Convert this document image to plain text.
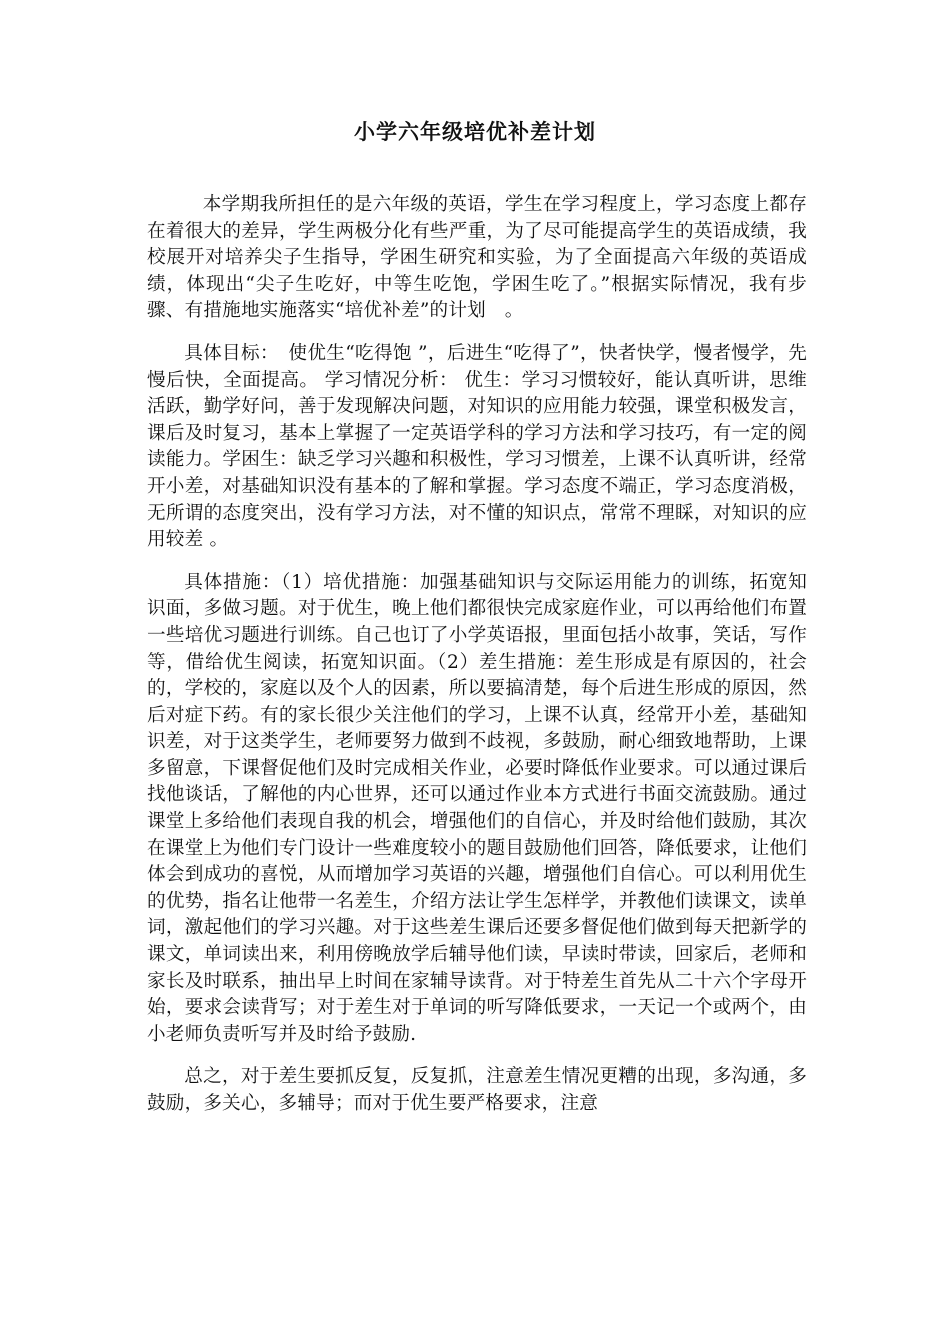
小学六年级培优补差计划

本学期我所担任的是六年级的英语，学生在学习程度上，学习态度上都存在着很大的差异，学生两极分化有些严重，为了尽可能提高学生的英语成绩，我校展开对培养尖子生指导，学困生研究和实验，为了全面提高六年级的英语成绩，体现出“尖子生吃好，中等生吃饱，学困生吃了。”根据实际情况，我有步骤、有措施地实施落实“培优补差”的计划　。

具体目标：　使优生“吃得饱 ”，后进生“吃得了”，快者快学，慢者慢学，先慢后快，全面提高。 学习情况分析： 优生：学习习惯较好，能认真听讲，思维活跃，勤学好问，善于发现解决问题，对知识的应用能力较强，课堂积极发言，课后及时复习，基本上掌握了一定英语学科的学习方法和学习技巧，有一定的阅读能力。学困生：缺乏学习兴趣和积极性，学习习惯差，上课不认真听讲，经常开小差，对基础知识没有基本的了解和掌握。学习态度不端正，学习态度消极，无所谓的态度突出，没有学习方法，对不懂的知识点，常常不理睬，对知识的应用较差 。

具体措施：（1）培优措施：加强基础知识与交际运用能力的训练，拓宽知识面，多做习题。对于优生，晚上他们都很快完成家庭作业，可以再给他们布置一些培优习题进行训练。自己也订了小学英语报，里面包括小故事，笑话，写作等，借给优生阅读，拓宽知识面。（2）差生措施：差生形成是有原因的，社会的，学校的，家庭以及个人的因素，所以要搞清楚，每个后进生形成的原因，然后对症下药。有的家长很少关注他们的学习，上课不认真，经常开小差，基础知识差，对于这类学生，老师要努力做到不歧视，多鼓励，耐心细致地帮助，上课多留意，下课督促他们及时完成相关作业，必要时降低作业要求。可以通过课后找他谈话，了解他的内心世界，还可以通过作业本方式进行书面交流鼓励。通过课堂上多给他们表现自我的机会，增强他们的自信心，并及时给他们鼓励，其次在课堂上为他们专门设计一些难度较小的题目鼓励他们回答，降低要求，让他们体会到成功的喜悦，从而增加学习英语的兴趣，增强他们自信心。可以利用优生的优势，指名让他带一名差生，介绍方法让学生怎样学，并教他们读课文，读单词，激起他们的学习兴趣。对于这些差生课后还要多督促他们做到每天把新学的课文，单词读出来，利用傍晚放学后辅导他们读，早读时带读，回家后，老师和家长及时联系，抽出早上时间在家辅导读背。对于特差生首先从二十六个字母开始，要求会读背写；对于差生对于单词的听写降低要求，一天记一个或两个，由小老师负责听写并及时给予鼓励.

总之，对于差生要抓反复，反复抓，注意差生情况更糟的出现，多沟通，多鼓励，多关心，多辅导；而对于优生要严格要求，注意
